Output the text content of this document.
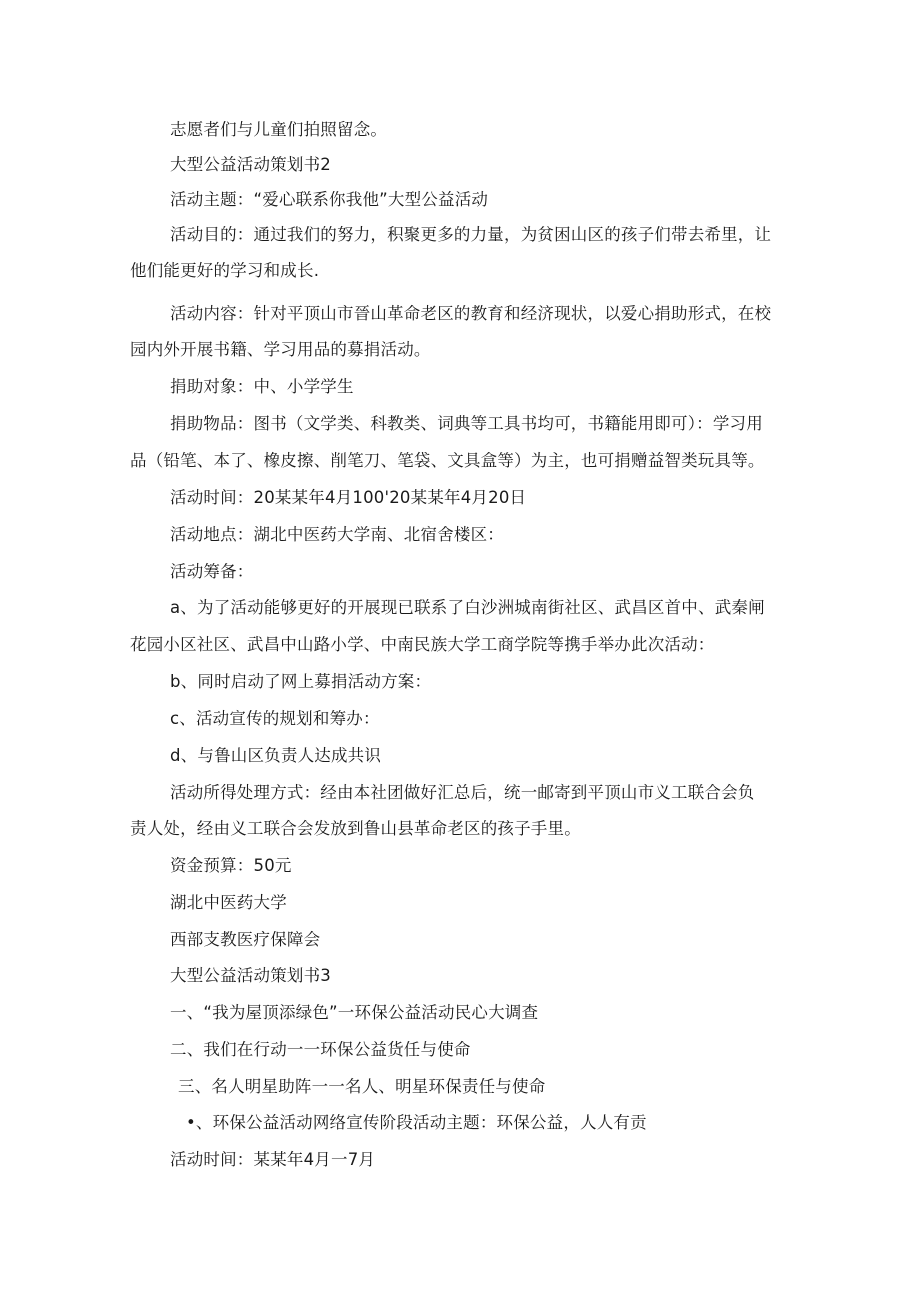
志愿者们与儿童们拍照留念。
大型公益活动策划书2
活动主题：“爱心联系你我他”大型公益活动
活动目的：通过我们的努力，积聚更多的力量，为贫困山区的孩子们带去希里，让
他们能更好的学习和成长.
活动内容：针对平顶山市晉山革命老区的教育和经济现状，以爱心捐助形式，在校
园内外开展书籍、学习用品的募捐活动。
捐助对象：中、小学学生
捐助物品：图书（文学类、科教类、词典等工具书均可，书籍能用即可）：学习用
品（铅笔、本了、橡皮擦、削笔刀、笔袋、文具盒等）为主，也可捐赠益智类玩具等。
活动时间：20某某年4月100'20某某年4月20日
活动地点：湖北中医药大学南、北宿舍楼区：
活动筹备：
a、为了活动能够更好的开展现已联系了白沙洲城南街社区、武昌区首中、武秦闸
花园小区社区、武昌中山路小学、中南民族大学工商学院等携手举办此次活动：
b、同时启动了网上募捐活动方案：
c、活动宣传的规划和筹办：
d、与鲁山区负责人达成共识
活动所得处理方式：经由本社团做好汇总后，统一邮寄到平顶山市义工联合会负
责人处，经由义工联合会发放到鲁山县革命老区的孩子手里。
资金预算：50元
湖北中医药大学
西部支教医疗保障会
大型公益活动策划书3
一、“我为屋顶添绿色”一环保公益活动民心大调查
二、我们在行动一一环保公益货任与使命
三、名人明星助阵一一名人、明星环保责任与使命
•、环保公益活动网络宣传阶段活动主题：环保公益，人人有贡
活动时间：某某年4月一7月
